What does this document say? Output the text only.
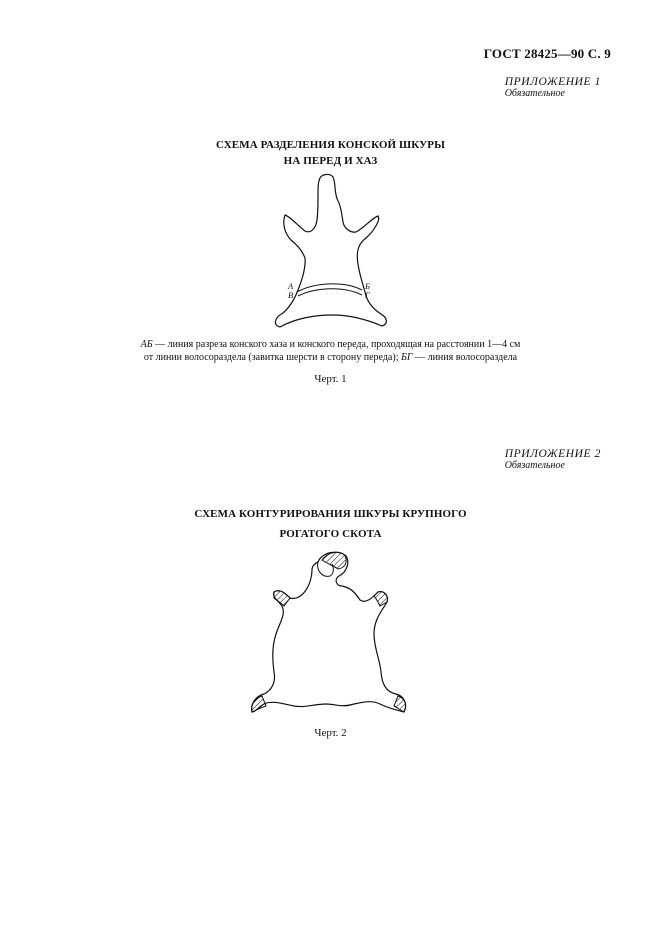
ГОСТ 28425—90 С. 9
ПРИЛОЖЕНИЕ 1
Обязательное
СХЕМА РАЗДЕЛЕНИЯ КОНСКОЙ ШКУРЫ
НА ПЕРЕД И ХАЗ
А
В
Б
Г
АБ — линия разреза конского хаза и конского переда, проходящая на расстоянии 1—4 см
от линии волосоразделa (завитка шерсти в сторону переда); БГ — линия волосораздела
Черт. 1
ПРИЛОЖЕНИЕ 2
Обязательное
СХЕМА КОНТУРИРОВАНИЯ ШКУРЫ КРУПНОГО
РОГАТОГО СКОТА
Черт. 2
